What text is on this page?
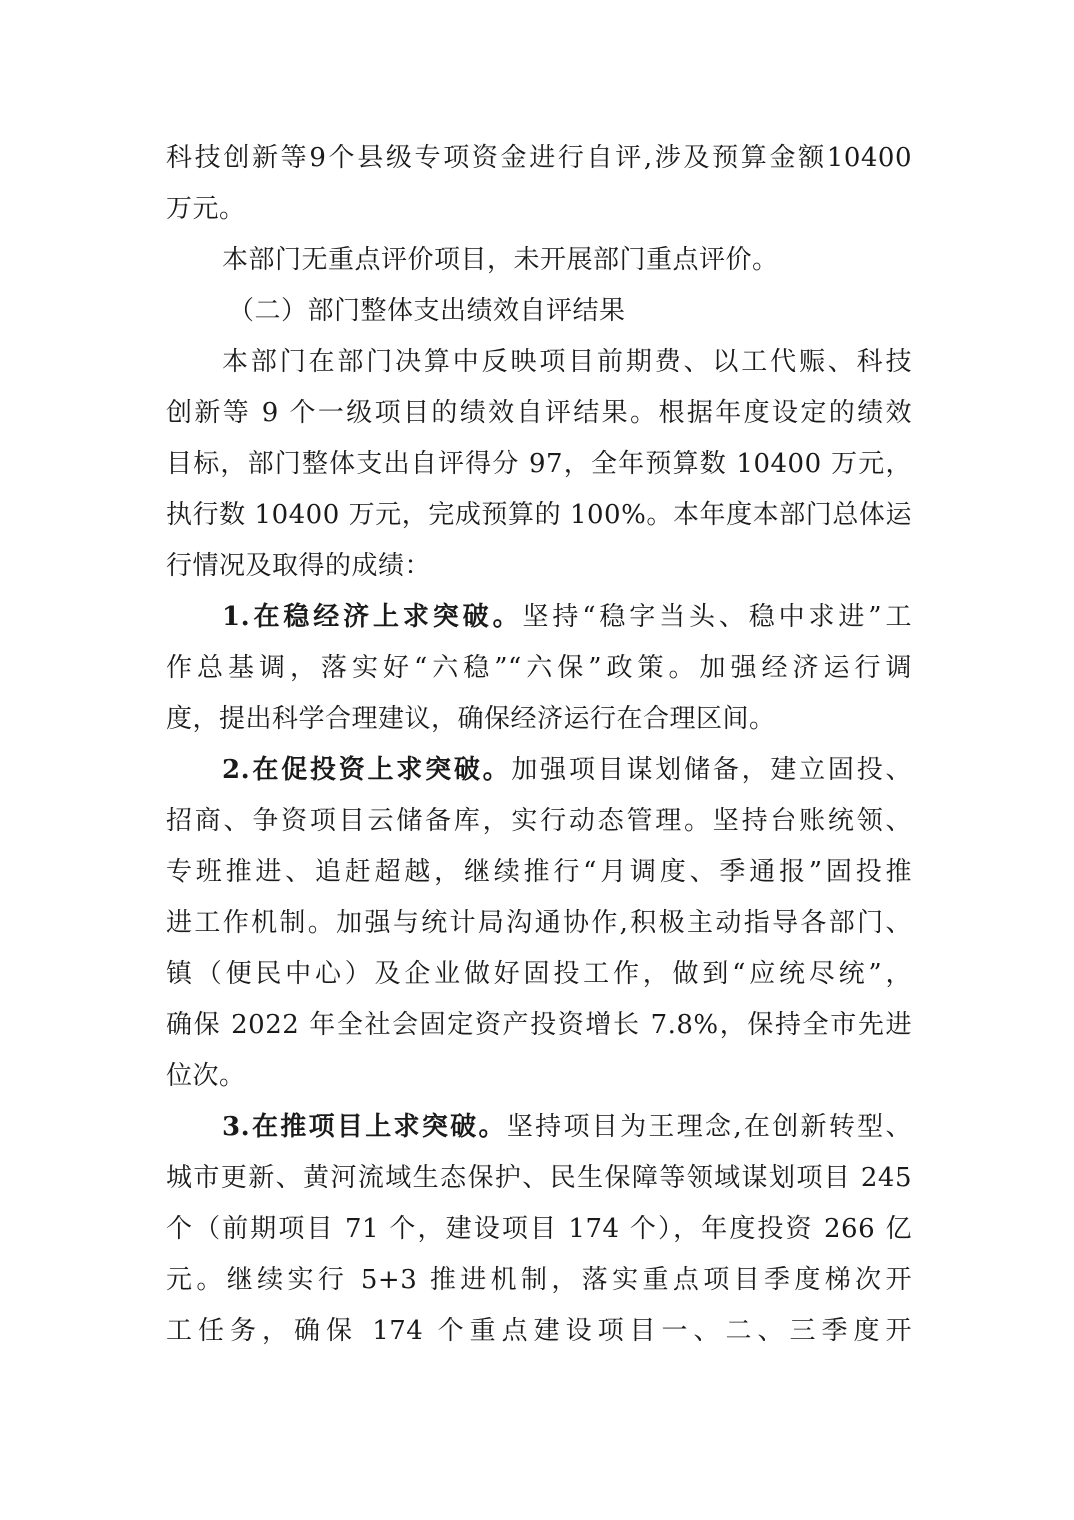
科技创新等9个县级专项资金进行自评,涉及预算金额10400
万元。
本部门无重点评价项目，未开展部门重点评价。
（二）部门整体支出绩效自评结果
本部门在部门决算中反映项目前期费、以工代赈、科技
创新等 9 个一级项目的绩效自评结果。根据年度设定的绩效
目标，部门整体支出自评得分 97，全年预算数 10400 万元，
执行数 10400 万元，完成预算的 100%。本年度本部门总体运
行情况及取得的成绩：
1.在稳经济上求突破。坚持“稳字当头、稳中求进”工
作总基调，落实好“六稳”“六保”政策。加强经济运行调
度，提出科学合理建议，确保经济运行在合理区间。
2.在促投资上求突破。加强项目谋划储备，建立固投、
招商、争资项目云储备库，实行动态管理。坚持台账统领、
专班推进、追赶超越，继续推行“月调度、季通报”固投推
进工作机制。加强与统计局沟通协作,积极主动指导各部门、
镇（便民中心）及企业做好固投工作，做到“应统尽统”，
确保 2022 年全社会固定资产投资增长 7.8%，保持全市先进
位次。
3.在推项目上求突破。坚持项目为王理念,在创新转型、
城市更新、黄河流域生态保护、民生保障等领域谋划项目 245
个（前期项目 71 个，建设项目 174 个），年度投资 266 亿
元。继续实行 5+3 推进机制，落实重点项目季度梯次开
工任务，确保 174 个重点建设项目一、二、三季度开
